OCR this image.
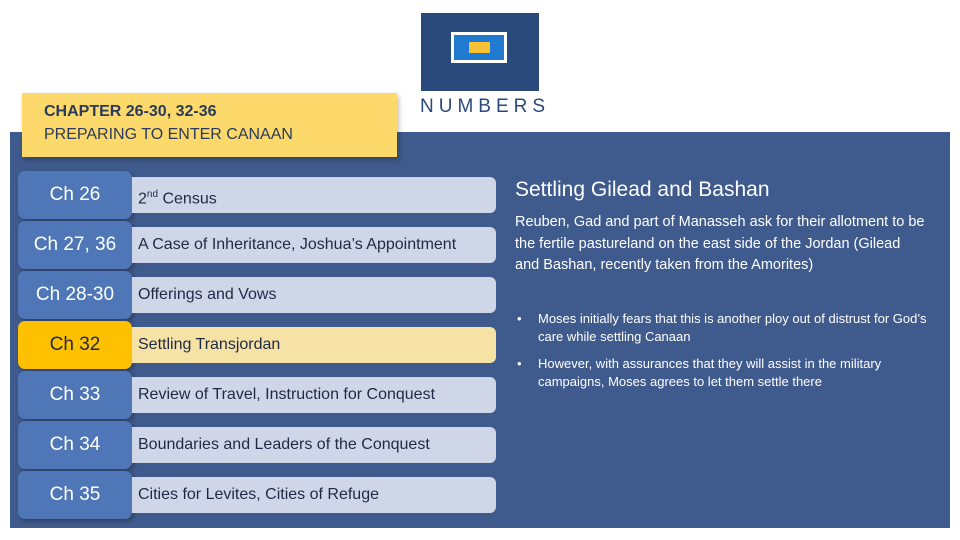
NUMBERS
CHAPTER 26-30, 32-36
PREPARING TO ENTER CANAAN
Ch 26	2nd Census
Ch 27, 36	A Case of Inheritance, Joshua’s Appointment
Ch 28-30	Offerings and Vows
Ch 32	Settling Transjordan
Ch 33	Review of Travel, Instruction for Conquest
Ch 34	Boundaries and Leaders of the Conquest
Ch 35	Cities for Levites, Cities of Refuge
Settling Gilead and Bashan
Reuben, Gad and part of Manasseh ask for their allotment to be the fertile pastureland on the east side of the Jordan (Gilead and Bashan, recently taken from the Amorites)
• Moses initially fears that this is another ploy out of distrust for God’s care while settling Canaan
• However, with assurances that they will assist in the military campaigns, Moses agrees to let them settle there
